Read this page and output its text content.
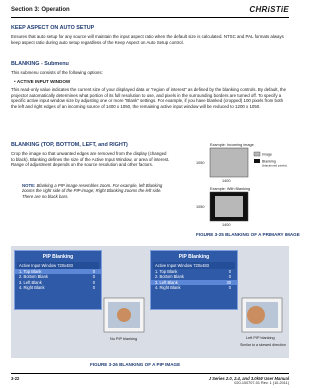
Section 3: Operation	CHRiSTiE
KEEP ASPECT ON AUTO SETUP
Ensures that auto setup for any source will maintain the input aspect ratio when the default size is calculated. NTSC and PAL formats always keep aspect ratio during auto setup regardless of the Keep Aspect on Auto Setup control.
BLANKING - Submenu
This submenu consists of the following options:
• ACTIVE INPUT WINDOW
This read-only value indicates the current size of your displayed data or "region of interest" as defined by the blanking controls. By default, the projector automatically determines what portion of its full resolution to use, and pixels in the surrounding borders are turned off. To specify a specific active input window size by adjusting one or more "Blank" settings. For example, if you have blanked (cropped) 100 pixels from both the left and right edges of an incoming source of 1400 x 1050, the remaining active input window will be reduced to 1200 x 1050.
BLANKING (TOP, BOTTOM, LEFT, and RIGHT)
Crop the image so that unwanted edges are removed from the display (changed to black). Blanking defines the size of the Active Input Window, or area of interest. Range of adjustment depends on the source resolution and other factors.
NOTE: Blanking a PIP image resembles zoom. For example, left Blanking zooms the right side of the PIP image; Right Blanking zooms the left side. There are no black bars.
Example: Incoming image
1050
1400
Image
Blanking
(blackened pixels)
Example: With Blanking
1050
1400
FIGURE 3-25 BLANKING OF A PRIMARY IMAGE
PIP Blanking
Active Input Window 720x483
1. Top Blank	0
2. Bottom Blank	0
3. Left Blank	0
4. Right Blank	0
PIP Blanking
Active Input Window 720x483
1. Top Blank	0
2. Bottom Blank	0
3. Left Blank	30
4. Right Blank	0
No PIP blanking	Left PIP blanking
Similar to a skewed direction
FIGURE 3-26 BLANKING OF A PIP IMAGE
3-22	J Series 2.0, 2.4, and 3.0kW User Manual
020-100707-01 Rev. 1 (10-2011)
